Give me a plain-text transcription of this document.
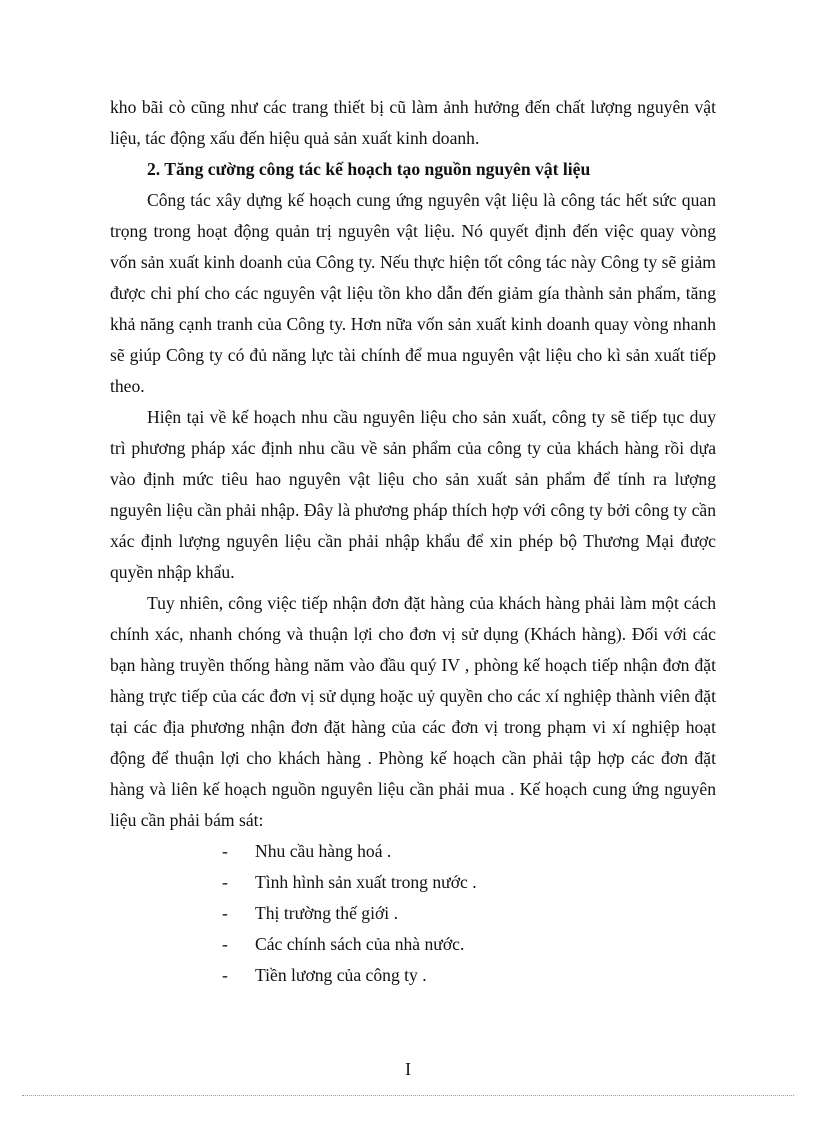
kho bãi cò cũng như các trang thiết bị cũ làm ảnh hưởng đến chất lượng nguyên vật liệu, tác động xấu đến hiệu quả sản xuất kinh doanh.

2. Tăng cường công tác kế hoạch tạo nguồn nguyên vật liệu

Công tác xây dựng kế hoạch cung ứng nguyên vật liệu là công tác hết sức quan trọng trong hoạt động quản trị nguyên vật liệu. Nó quyết định đến việc quay vòng vốn sản xuất kinh doanh của Công ty. Nếu thực hiện tốt công tác này Công ty sẽ giảm được chi phí cho các nguyên vật liệu tồn kho dẫn đến giảm gía thành sản phẩm, tăng khả năng cạnh tranh của Công ty. Hơn nữa vốn sản xuất kinh doanh quay vòng nhanh sẽ giúp Công ty có đủ năng lực tài chính để mua nguyên vật liệu cho kì sản xuất tiếp theo.

Hiện tại về kế hoạch nhu cầu nguyên liệu cho sản xuất, công ty sẽ tiếp tục duy trì phương pháp xác định nhu cầu về sản phẩm của công ty của khách hàng rồi dựa vào định mức tiêu hao nguyên vật liệu cho sản xuất sản phẩm để tính ra lượng nguyên liệu cần phải nhập. Đây là phương pháp thích hợp với công ty bởi công ty cần xác định lượng nguyên liệu cần phải nhập khẩu để xin phép bộ Thương Mại được quyền nhập khẩu.

Tuy nhiên, công việc tiếp nhận đơn đặt hàng của khách hàng phải làm một cách chính xác, nhanh chóng và thuận lợi cho đơn vị sử dụng (Khách hàng). Đối với các bạn hàng truyền thống hàng năm vào đầu quý IV , phòng kế hoạch tiếp nhận đơn đặt hàng trực tiếp của các đơn vị sử dụng hoặc uỷ quyền cho các xí nghiệp thành viên đặt tại các địa phương nhận đơn đặt hàng của các đơn vị trong phạm vi xí nghiệp hoạt động để thuận lợi cho khách hàng . Phòng kế hoạch cần phải tập hợp các đơn đặt hàng và liên kế hoạch nguồn nguyên liệu cần phải mua . Kế hoạch cung ứng nguyên liệu cần phải bám sát:

- Nhu cầu hàng hoá .
- Tình hình sản xuất trong nước .
- Thị trường thế giới .
- Các chính sách của nhà nước.
- Tiền lương của công ty .
I
